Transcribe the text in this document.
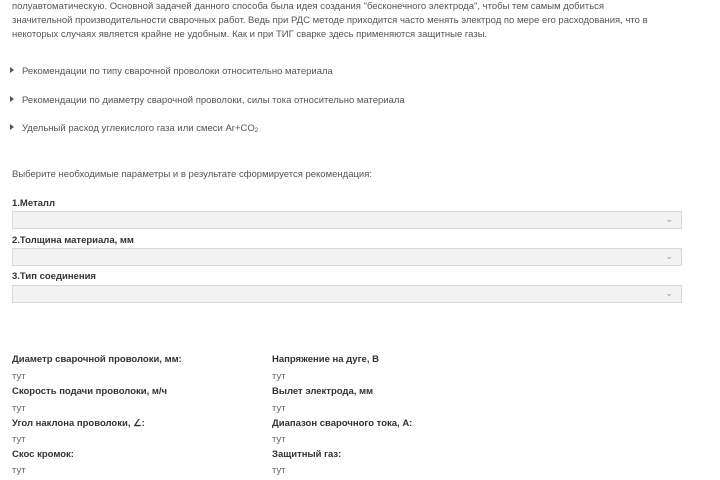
полуавтоматическую. Основной задачей данного способа была идея создания "бесконечного электрода", чтобы тем самым добиться

значительной производительности сварочных работ. Ведь при РДС методе приходится часто менять электрод по мере его расходования, что в

некоторых случаях является крайне не удобным. Как и при ТИГ сварке здесь применяются защитные газы.

Рекомендации по типу сварочной проволоки относительно материала
Рекомендации по диаметру сварочной проволоки, силы тока относительно материала
Удельный расход углекислого газа или смеси $Ar+CO_2$
Выберите необходимые параметры и в результате сформируется рекомендация:
1.Металл
⌄
2.Толщина материала, мм
⌄
3.Тип соединения
⌄
Диаметр сварочной проволоки, мм:
тут
Скорость подачи проволоки, м/ч
тут
Угол наклона проволоки, ∠:
тут
Скос кромок:
тут
Напряжение на дуге, В
тут
Вылет электрода, мм
тут
Диапазон сварочного тока, А:
тут
Защитный газ:
тут
